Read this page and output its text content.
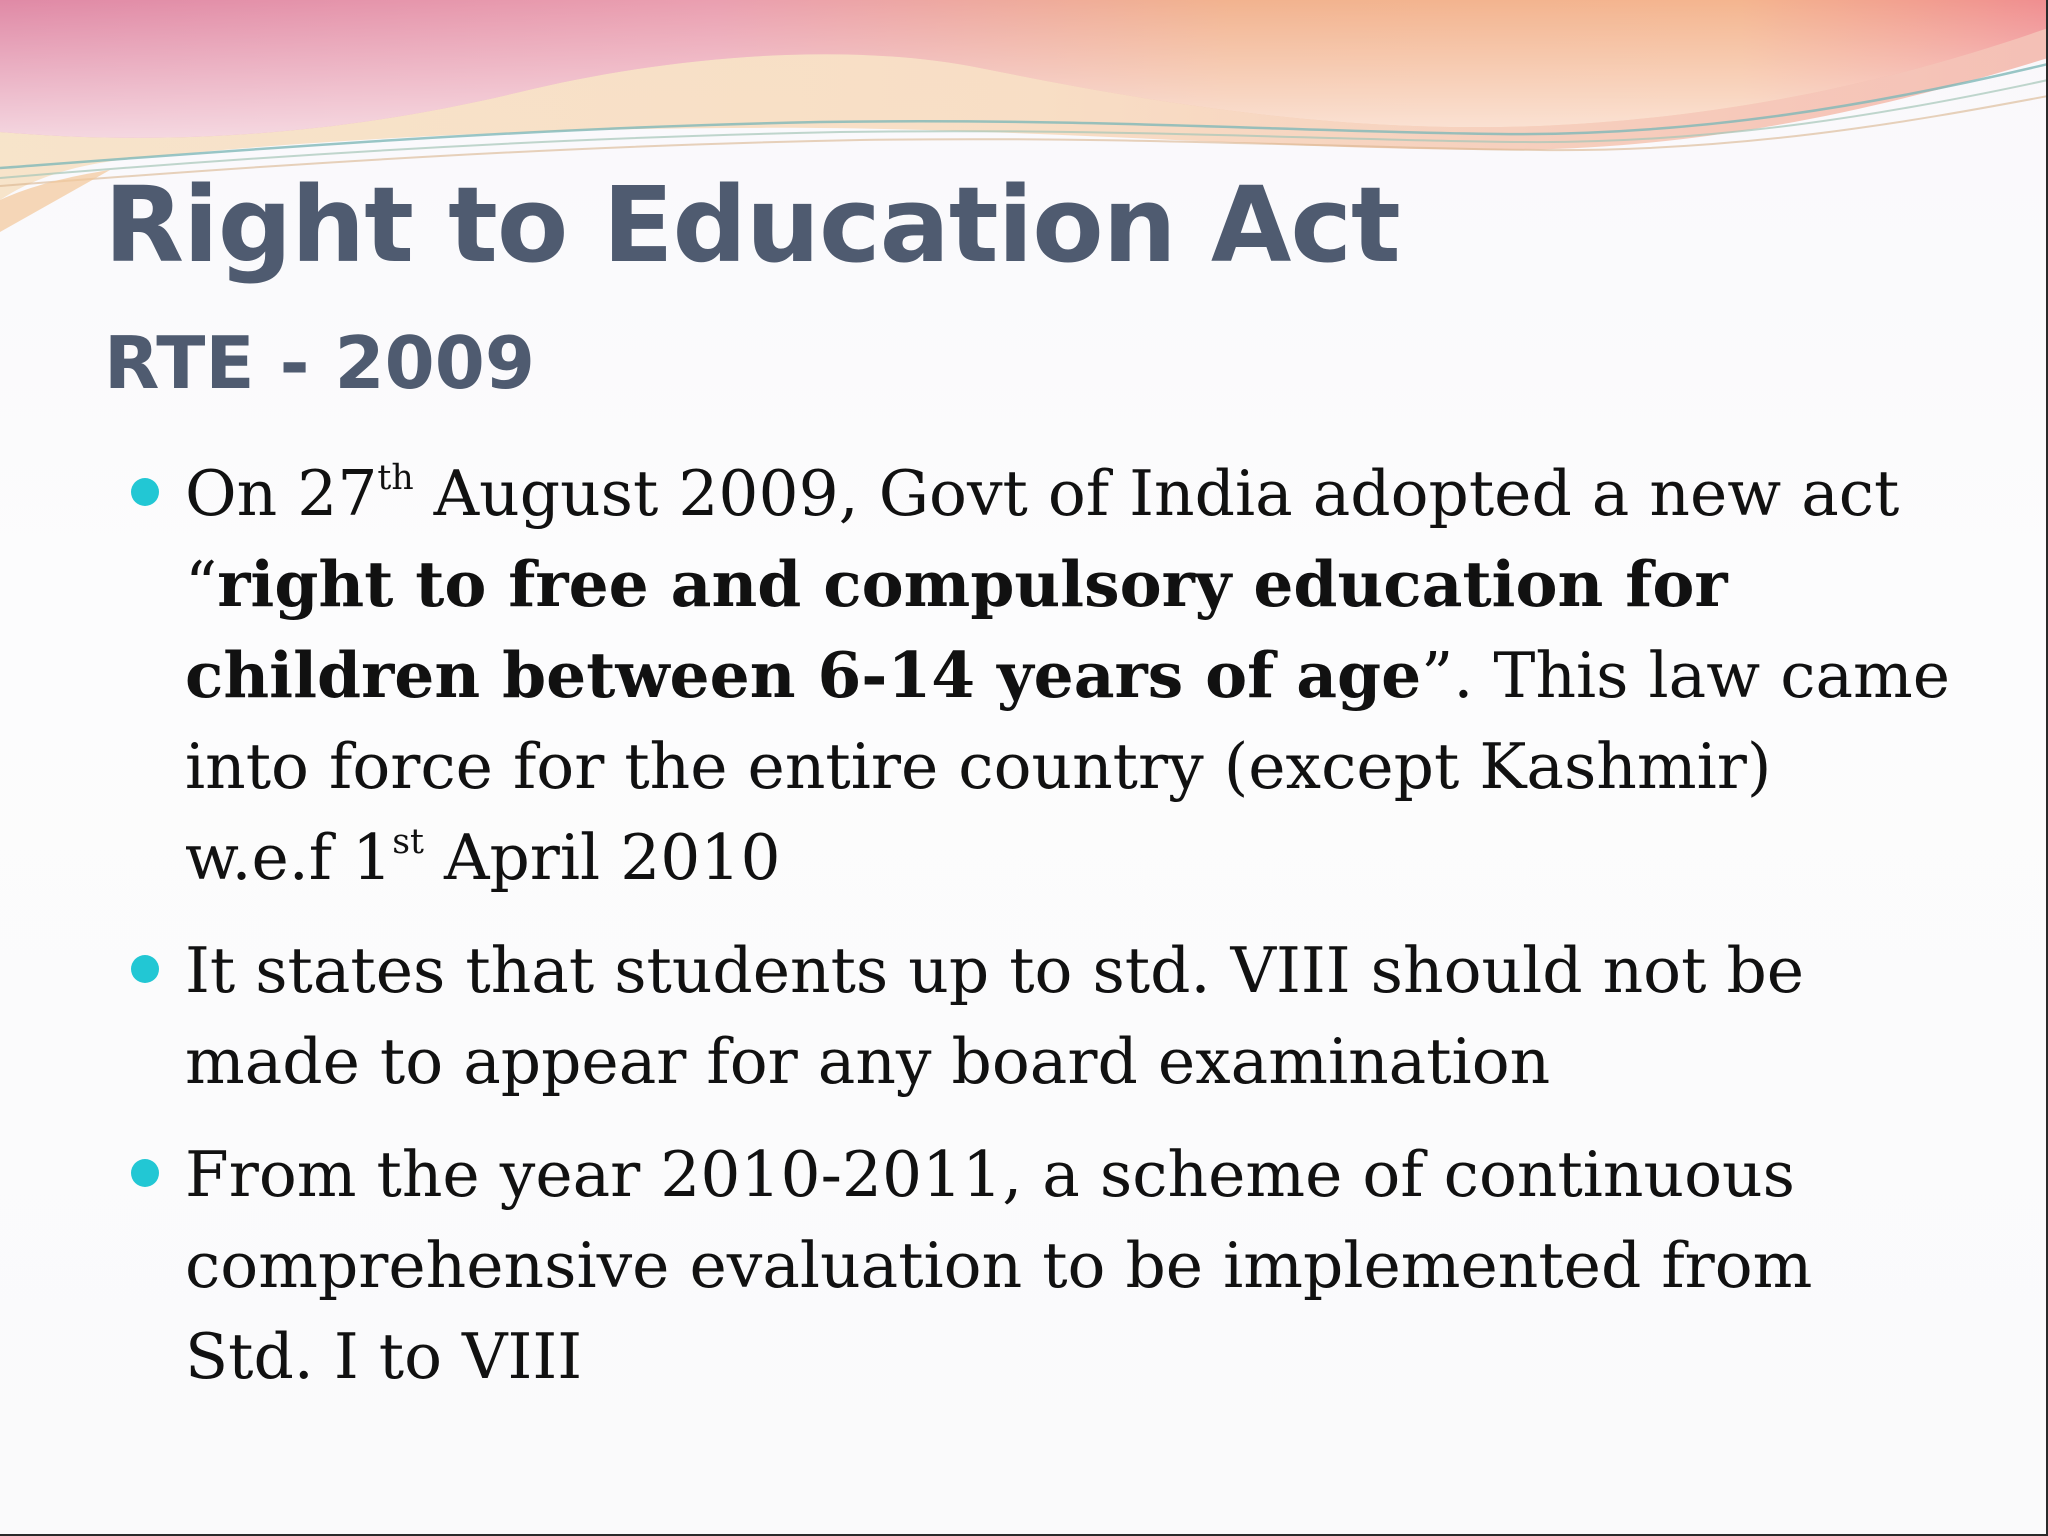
Right to Education Act
RTE - 2009
On 27th August 2009, Govt of India adopted a new act
“right to free and compulsory education for
children between 6-14 years of age”. This law came
into force for the entire country (except Kashmir)
w.e.f 1st April 2010
It states that students up to std. VIII should not be
made to appear for any board examination
From the year 2010-2011, a scheme of continuous
comprehensive evaluation to be implemented from
Std. I to VIII
